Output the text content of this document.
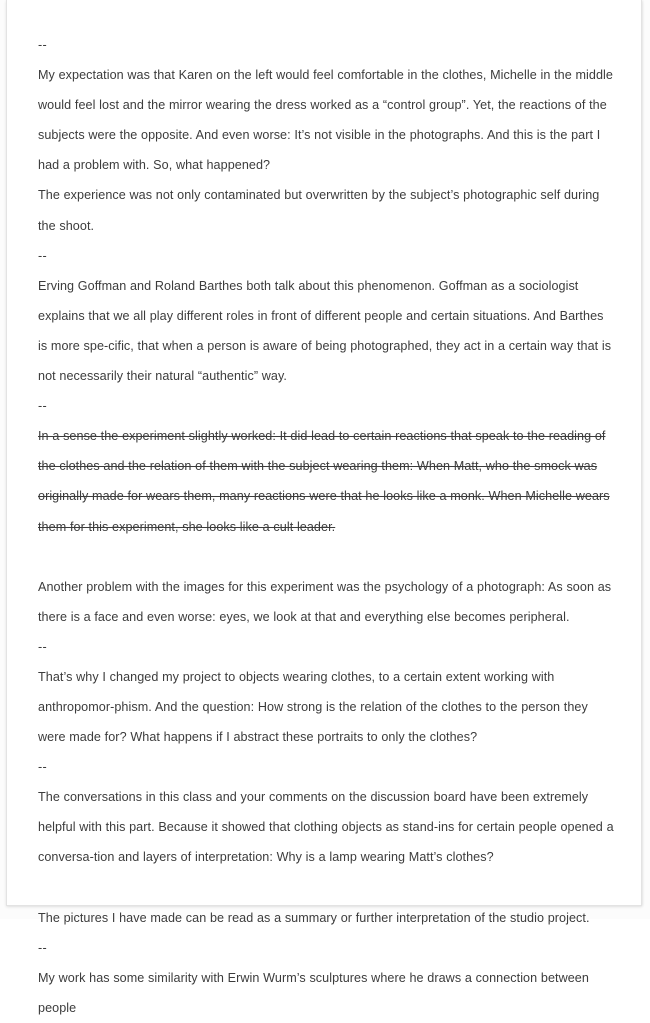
--

My expectation was that Karen on the left would feel comfortable in the clothes, Michelle in the middle would feel lost and the mirror wearing the dress worked as a “control group”. Yet, the reactions of the subjects were the opposite. And even worse: It’s not visible in the photographs. And this is the part I had a problem with. So, what happened?

The experience was not only contaminated but overwritten by the subject’s photographic self during the shoot.

--

Erving Goffman and Roland Barthes both talk about this phenomenon. Goffman as a sociologist explains that we all play different roles in front of different people and certain situations. And Barthes is more spe-cific, that when a person is aware of being photographed, they act in a certain way that is not necessarily their natural “authentic” way.

--

In a sense the experiment slightly worked: It did lead to certain reactions that speak to the reading of the clothes and the relation of them with the subject wearing them: When Matt, who the smock was originally made for wears them, many reactions were that he looks like a monk. When Michelle wears them for this experiment, she looks like a cult leader.

Another problem with the images for this experiment was the psychology of a photograph: As soon as there is a face and even worse: eyes, we look at that and everything else becomes peripheral.

--

That’s why I changed my project to objects wearing clothes, to a certain extent working with anthropomor-phism. And the question: How strong is the relation of the clothes to the person they were made for? What happens if I abstract these portraits to only the clothes?

--

The conversations in this class and your comments on the discussion board have been extremely helpful with this part. Because it showed that clothing objects as stand-ins for certain people opened a conversa-tion and layers of interpretation: Why is a lamp wearing Matt’s clothes?

The pictures I have made can be read as a summary or further interpretation of the studio project.

--

My work has some similarity with Erwin Wurm’s sculptures where he draws a connection between people
